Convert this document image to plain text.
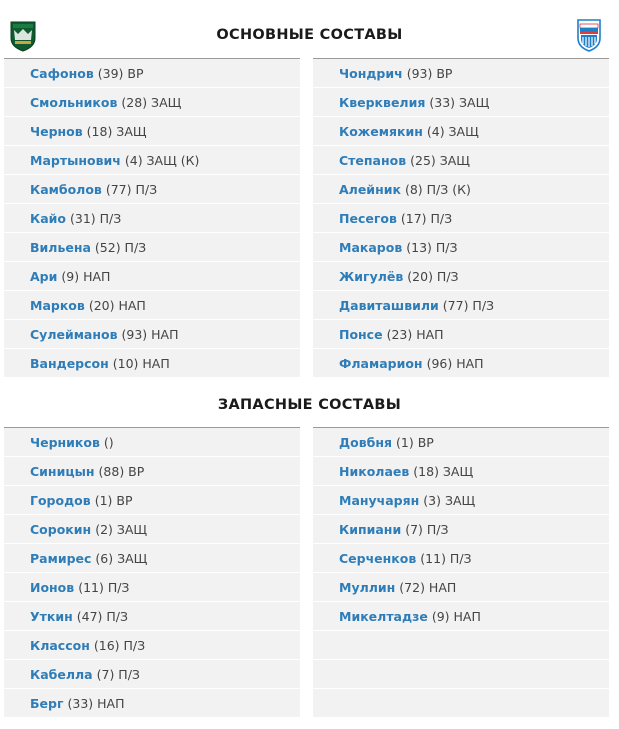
ОСНОВНЫЕ СОСТАВЫ
Сафонов (39) ВР
Смольников (28) ЗАЩ
Чернов (18) ЗАЩ
Мартынович (4) ЗАЩ (К)
Камболов (77) П/З
Кайо (31) П/З
Вильена (52) П/З
Ари (9) НАП
Марков (20) НАП
Сулейманов (93) НАП
Вандерсон (10) НАП
Чондрич (93) ВР
Кверквелия (33) ЗАЩ
Кожемякин (4) ЗАЩ
Степанов (25) ЗАЩ
Алейник (8) П/З (К)
Песегов (17) П/З
Макаров (13) П/З
Жигулёв (20) П/З
Давиташвили (77) П/З
Понсе (23) НАП
Фламарион (96) НАП
ЗАПАСНЫЕ СОСТАВЫ
Черников ()
Синицын (88) ВР
Городов (1) ВР
Сорокин (2) ЗАЩ
Рамирес (6) ЗАЩ
Ионов (11) П/З
Уткин (47) П/З
Классон (16) П/З
Кабелла (7) П/З
Берг (33) НАП
Довбня (1) ВР
Николаев (18) ЗАЩ
Манучарян (3) ЗАЩ
Кипиани (7) П/З
Серченков (11) П/З
Муллин (72) НАП
Микелтадзе (9) НАП
